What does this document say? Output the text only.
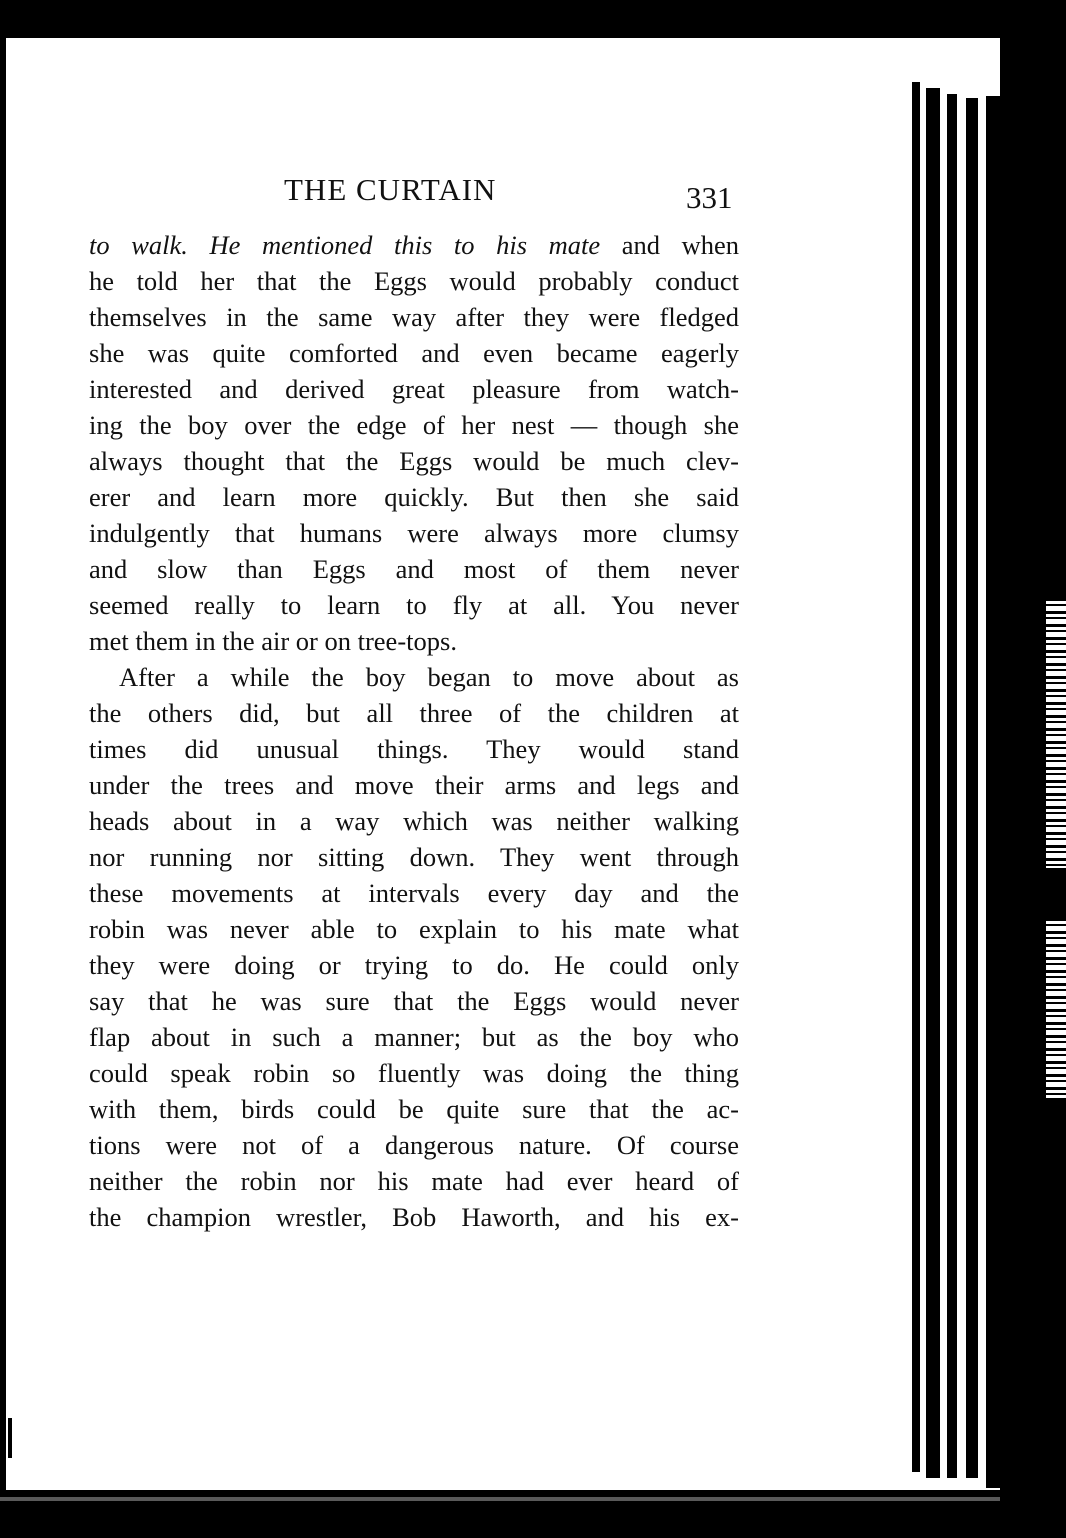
THE CURTAIN	331
to walk. He mentioned this to his mate and when
he told her that the Eggs would probably conduct
themselves in the same way after they were fledged
she was quite comforted and even became eagerly
interested and derived great pleasure from watch-
ing the boy over the edge of her nest — though she
always thought that the Eggs would be much clev-
erer and learn more quickly. But then she said
indulgently that humans were always more clumsy
and slow than Eggs and most of them never
seemed really to learn to fly at all. You never
met them in the air or on tree-tops.
After a while the boy began to move about as
the others did, but all three of the children at
times did unusual things. They would stand
under the trees and move their arms and legs and
heads about in a way which was neither walking
nor running nor sitting down. They went through
these movements at intervals every day and the
robin was never able to explain to his mate what
they were doing or trying to do. He could only
say that he was sure that the Eggs would never
flap about in such a manner; but as the boy who
could speak robin so fluently was doing the thing
with them, birds could be quite sure that the ac-
tions were not of a dangerous nature. Of course
neither the robin nor his mate had ever heard of
the champion wrestler, Bob Haworth, and his ex-
